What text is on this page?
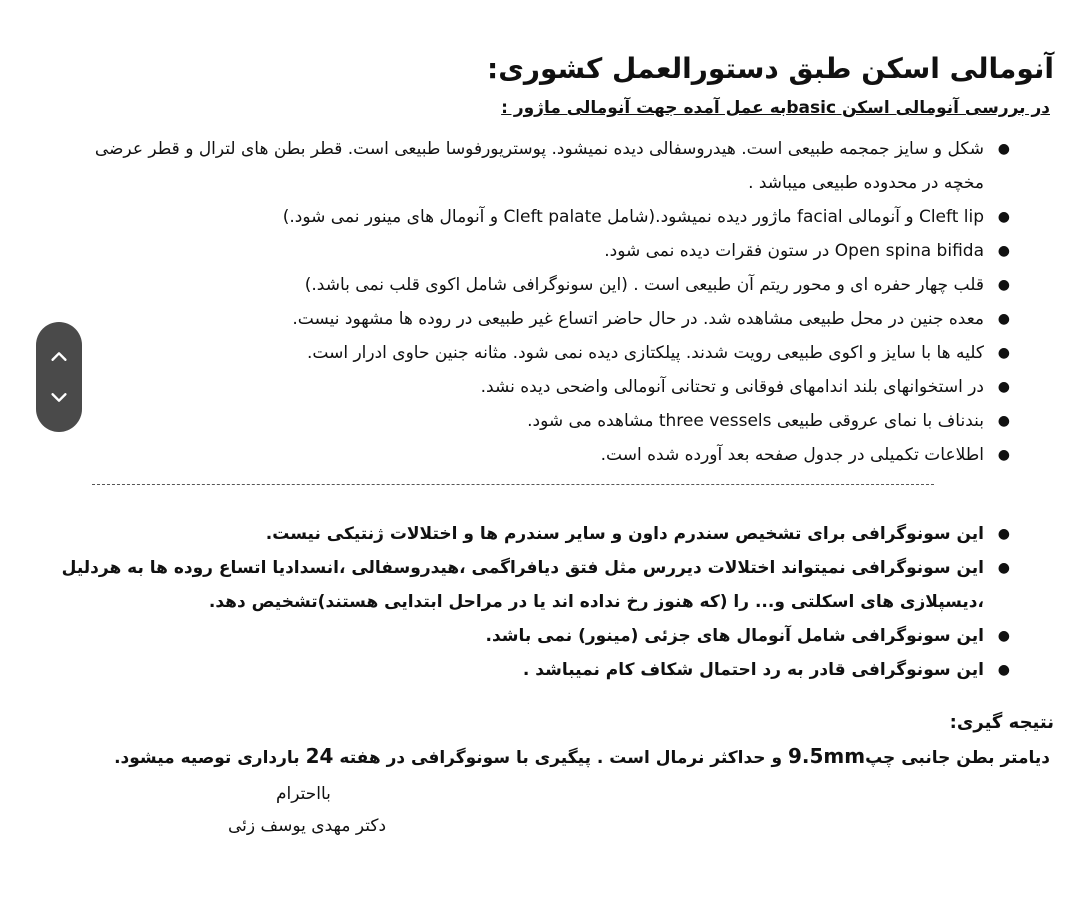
آنومالی اسکن طبق دستورالعمل کشوری:

در بررسی آنومالی اسکن basicبه عمل آمده جهت آنومالی ماژور :

●
شکل و سایز جمجمه طبیعی است. هیدروسفالی دیده نمیشود. پوستریورفوسا طبیعی است. قطر بطن های لترال و قطر عرضی مخچه در محدوده طبیعی میباشد .
●
Cleft lip و آنومالی facial ماژور دیده نمیشود.(شامل Cleft palate و آنومال های مینور نمی شود.)
●
Open spina bifida در ستون فقرات دیده نمی شود.
●
قلب چهار حفره ای و محور ریتم آن طبیعی است . (این سونوگرافی شامل اکوی قلب نمی باشد.)
●
معده جنین در محل طبیعی مشاهده شد. در حال حاضر اتساع غیر طبیعی در روده ها مشهود نیست.
●
کلیه ها با سایز و اکوی طبیعی رویت شدند. پیلکتازی دیده نمی شود. مثانه جنین حاوی ادرار است.
●
در استخوانهای بلند اندامهای فوقانی و تحتانی آنومالی واضحی دیده نشد.
●
بندناف با نمای عروقی طبیعی three vessels مشاهده می شود.
●
اطلاعات تکمیلی در جدول صفحه بعد آورده شده است.
●
این سونوگرافی برای تشخیص سندرم داون و سایر سندرم ها و اختلالات ژنتیکی نیست.
●
این سونوگرافی نمیتواند اختلالات دیررس مثل فتق دیافراگمی ،هیدروسفالی ،انسدادیا اتساع روده ها به هردلیل ،دیسپلازی های اسکلتی و... را (که هنوز رخ نداده اند یا در مراحل ابتدایی هستند)تشخیص دهد.
●
این سونوگرافی شامل آنومال های جزئی (مینور) نمی باشد.
●
این سونوگرافی قادر به رد احتمال شکاف کام نمیباشد .

نتیجه گیری:

دیامتر بطن جانبی چپ9.5mm و حداکثر نرمال است . پیگیری با سونوگرافی در هفته 24 بارداری توصیه میشود.

بااحترام

دکتر مهدی یوسف زئی
